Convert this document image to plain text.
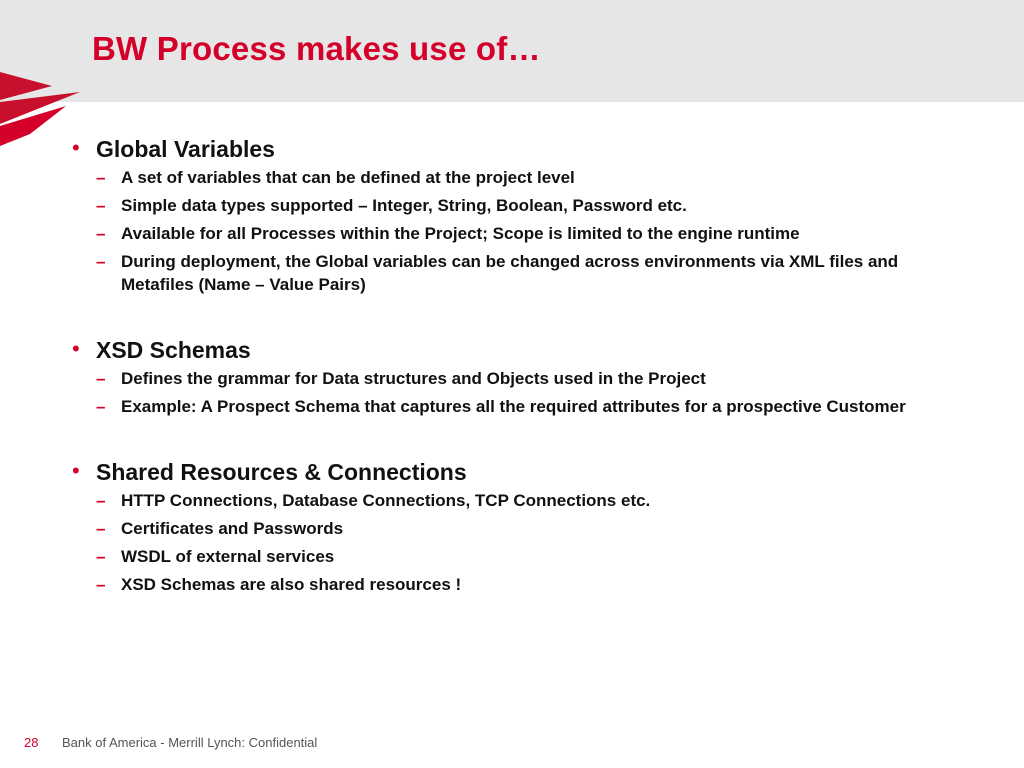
BW Process makes use of…
• Global Variables
– A set of variables that can be defined at the project level
– Simple data types supported – Integer, String, Boolean, Password etc.
– Available for all Processes within the Project; Scope is limited to the engine runtime
– During deployment, the Global variables can be changed across environments via XML files and Metafiles (Name – Value Pairs)
• XSD Schemas
– Defines the grammar for Data structures and Objects used in the Project
– Example: A Prospect Schema that captures all the required attributes for a prospective Customer
• Shared Resources & Connections
– HTTP Connections, Database Connections, TCP Connections etc.
– Certificates and Passwords
– WSDL of external services
– XSD Schemas are also shared resources !
28 Bank of America - Merrill Lynch: Confidential
